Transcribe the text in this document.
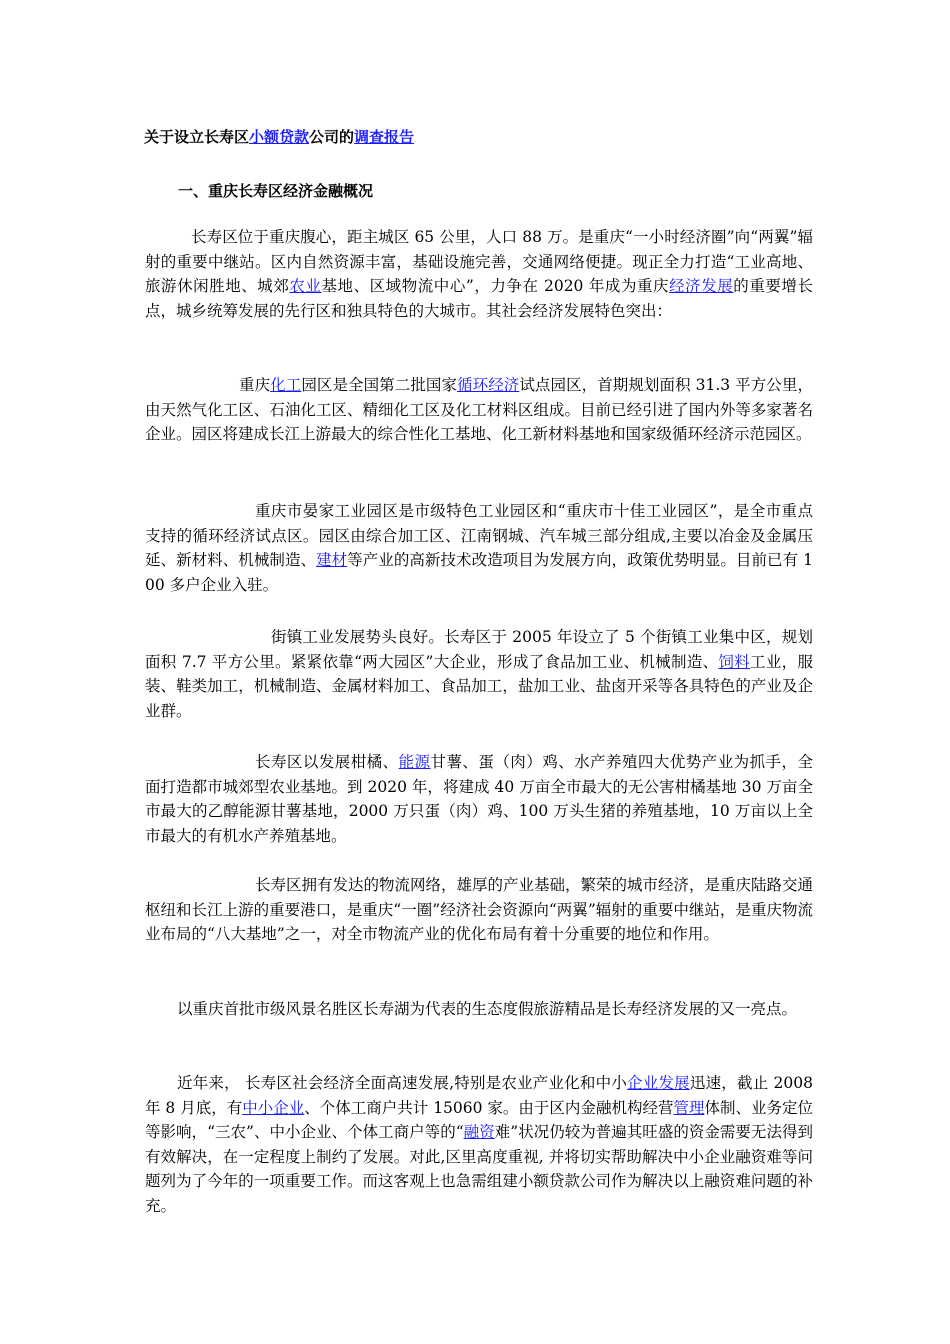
关于设立长寿区小额贷款公司的调查报告
一、重庆长寿区经济金融概况
长寿区位于重庆腹心，距主城区 65 公里，人口 88 万。是重庆“一小时经济圈”向“两翼”辐射的重要中继站。区内自然资源丰富，基础设施完善，交通网络便捷。现正全力打造“工业高地、旅游休闲胜地、城郊农业基地、区域物流中心”，力争在 2020 年成为重庆经济发展的重要增长点，城乡统筹发展的先行区和独具特色的大城市。其社会经济发展特色突出：
重庆化工园区是全国第二批国家循环经济试点园区，首期规划面积 31.3 平方公里，由天然气化工区、石油化工区、精细化工区及化工材料区组成。目前已经引进了国内外等多家著名企业。园区将建成长江上游最大的综合性化工基地、化工新材料基地和国家级循环经济示范园区。
重庆市晏家工业园区是市级特色工业园区和“重庆市十佳工业园区”，是全市重点支持的循环经济试点区。园区由综合加工区、江南钢城、汽车城三部分组成,主要以冶金及金属压延、新材料、机械制造、建材等产业的高新技术改造项目为发展方向，政策优势明显。目前已有 100 多户企业入驻。
街镇工业发展势头良好。长寿区于 2005 年设立了 5 个街镇工业集中区，规划面积 7.7 平方公里。紧紧依靠“两大园区”大企业，形成了食品加工业、机械制造、饲料工业，服装、鞋类加工，机械制造、金属材料加工、食品加工，盐加工业、盐卤开采等各具特色的产业及企业群。
长寿区以发展柑橘、能源甘薯、蛋（肉）鸡、水产养殖四大优势产业为抓手，全面打造都市城郊型农业基地。到 2020 年，将建成 40 万亩全市最大的无公害柑橘基地 30 万亩全市最大的乙醇能源甘薯基地，2000 万只蛋（肉）鸡、100 万头生猪的养殖基地，10 万亩以上全市最大的有机水产养殖基地。
长寿区拥有发达的物流网络，雄厚的产业基础，繁荣的城市经济，是重庆陆路交通枢纽和长江上游的重要港口，是重庆“一圈”经济社会资源向“两翼”辐射的重要中继站，是重庆物流业布局的“八大基地”之一，对全市物流产业的优化布局有着十分重要的地位和作用。
以重庆首批市级风景名胜区长寿湖为代表的生态度假旅游精品是长寿经济发展的又一亮点。
近年来， 长寿区社会经济全面高速发展,特别是农业产业化和中小企业发展迅速，截止 2008 年 8 月底，有中小企业、个体工商户共计 15060 家。由于区内金融机构经营管理体制、业务定位等影响，“三农”、中小企业、个体工商户等的“融资难”状况仍较为普遍其旺盛的资金需要无法得到有效解决，在一定程度上制约了发展。对此,区里高度重视, 并将切实帮助解决中小企业融资难等问题列为了今年的一项重要工作。而这客观上也急需组建小额贷款公司作为解决以上融资难问题的补充。
